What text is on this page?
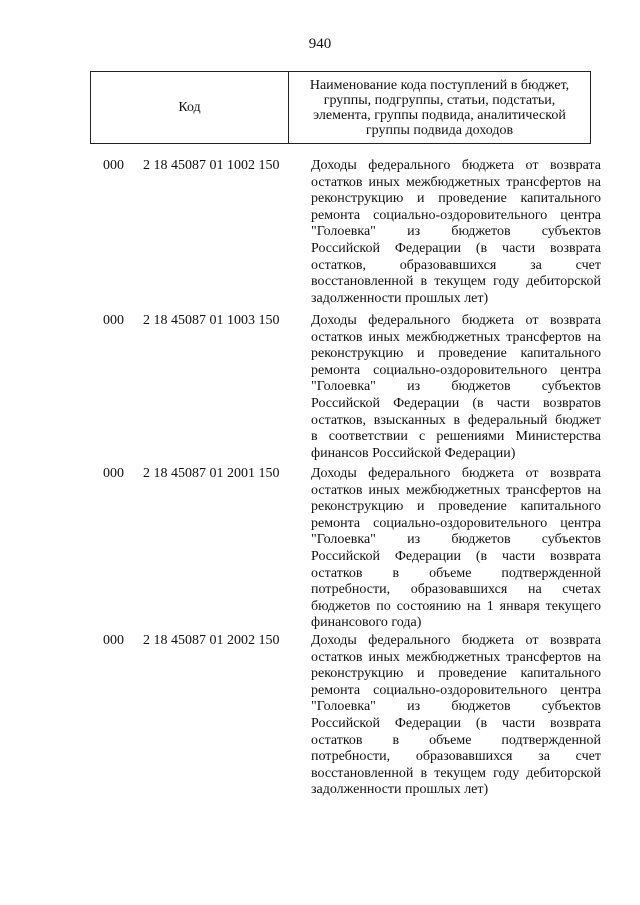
940
Код
Наименование кода поступлений в бюджет, группы, подгруппы, статьи, подстатьи, элемента, группы подвида, аналитической группы подвида доходов
000	2 18 45087 01 1002 150	Доходы федерального бюджета от возврата
остатков иных межбюджетных трансфертов на
реконструкцию и проведение капитального
ремонта социально-оздоровительного центра
"Голоевка" из бюджетов субъектов
Российской Федерации (в части возврата
остатков, образовавшихся за счет
восстановленной в текущем году дебиторской
задолженности прошлых лет)
000	2 18 45087 01 1003 150	Доходы федерального бюджета от возврата
остатков иных межбюджетных трансфертов на
реконструкцию и проведение капитального
ремонта социально-оздоровительного центра
"Голоевка" из бюджетов субъектов
Российской Федерации (в части возвратов
остатков, взысканных в федеральный бюджет
в соответствии с решениями Министерства
финансов Российской Федерации)
000	2 18 45087 01 2001 150	Доходы федерального бюджета от возврата
остатков иных межбюджетных трансфертов на
реконструкцию и проведение капитального
ремонта социально-оздоровительного центра
"Голоевка" из бюджетов субъектов
Российской Федерации (в части возврата
остатков в объеме подтвержденной
потребности, образовавшихся на счетах
бюджетов по состоянию на 1 января текущего
финансового года)
000	2 18 45087 01 2002 150	Доходы федерального бюджета от возврата
остатков иных межбюджетных трансфертов на
реконструкцию и проведение капитального
ремонта социально-оздоровительного центра
"Голоевка" из бюджетов субъектов
Российской Федерации (в части возврата
остатков в объеме подтвержденной
потребности, образовавшихся за счет
восстановленной в текущем году дебиторской
задолженности прошлых лет)
